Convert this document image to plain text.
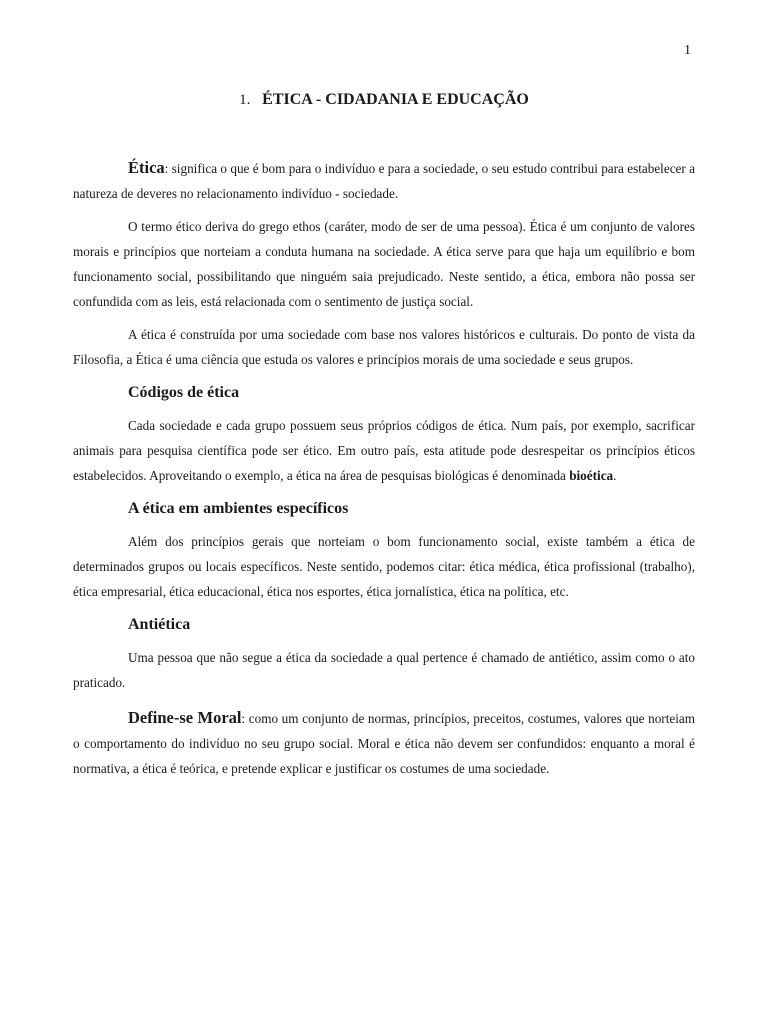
1
1. ÉTICA - CIDADANIA E EDUCAÇÃO

Ética: significa o que é bom para o indivíduo e para a sociedade, o seu estudo contribui para estabelecer a natureza de deveres no relacionamento indivíduo - sociedade.

O termo ético deriva do grego ethos (caráter, modo de ser de uma pessoa). Ética é um conjunto de valores morais e princípios que norteiam a conduta humana na sociedade. A ética serve para que haja um equilíbrio e bom funcionamento social, possibilitando que ninguém saia prejudicado. Neste sentido, a ética, embora não possa ser confundida com as leis, está relacionada com o sentimento de justiça social.

A ética é construída por uma sociedade com base nos valores históricos e culturais. Do ponto de vista da Filosofia, a Ética é uma ciência que estuda os valores e princípios morais de uma sociedade e seus grupos.

Códigos de ética

Cada sociedade e cada grupo possuem seus próprios códigos de ética. Num país, por exemplo, sacrificar animais para pesquisa científica pode ser ético. Em outro país, esta atitude pode desrespeitar os princípios éticos estabelecidos. Aproveitando o exemplo, a ética na área de pesquisas biológicas é denominada bioética.

A ética em ambientes específicos

Além dos princípios gerais que norteiam o bom funcionamento social, existe também a ética de determinados grupos ou locais específicos. Neste sentido, podemos citar: ética médica, ética profissional (trabalho), ética empresarial, ética educacional, ética nos esportes, ética jornalística, ética na política, etc.

Antiética

Uma pessoa que não segue a ética da sociedade a qual pertence é chamado de antiético, assim como o ato praticado.

Define-se Moral: como um conjunto de normas, princípios, preceitos, costumes, valores que norteiam o comportamento do indivíduo no seu grupo social. Moral e ética não devem ser confundidos: enquanto a moral é normativa, a ética é teórica, e pretende explicar e justificar os costumes de uma sociedade.
